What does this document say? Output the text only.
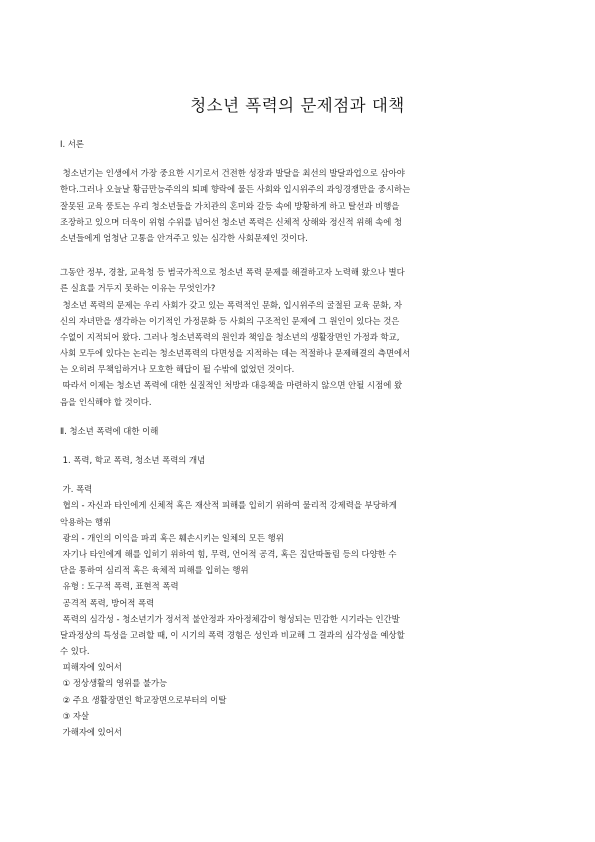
청소년 폭력의 문제점과 대책
Ⅰ. 서론
청소년기는 인생에서 가장 중요한 시기로서 건전한 성장과 발달을 최선의 발달과업으로 삼아야
한다.그러나 오늘날 황금만능주의의 퇴폐 향락에 물든 사회와 입시위주의 과잉경쟁만을 중시하는
잘못된 교육 풍토는 우리 청소년들을 가치관의 혼미와 갈등 속에 방황하게 하고 탈선과 비행을
조장하고 있으며 더욱이 위험 수위를 넘어선 청소년 폭력은 신체적 상해와 정신적 위해 속에 청
소년들에게 엄청난 고통을 안겨주고 있는 심각한 사회문제인 것이다.
그동안 정부, 경찰, 교육청 등 범국가적으로 청소년 폭력 문제를 해결하고자 노력해 왔으나 별다
른 실효를 거두지 못하는 이유는 무엇인가?
청소년 폭력의 문제는 우리 사회가 갖고 있는 폭력적인 문화, 입시위주의 굴절된 교육 문화, 자
신의 자녀만을 생각하는 이기적인 가정문화 등 사회의 구조적인 문제에 그 원인이 있다는 것은
수없이 지적되어 왔다. 그러나 청소년폭력의 원인과 책임을 청소년의 생활장면인 가정과 학교,
사회 모두에 있다는 논리는 청소년폭력의 다면성을 지적하는 데는 적절하나 문제해결의 측면에서
는 오히려 무책임하거나 모호한 해답이 될 수밖에 없었던 것이다.
따라서 이제는 청소년 폭력에 대한 실질적인 처방과 대응책을 마련하지 않으면 안될 시점에 왔
음을 인식해야 할 것이다.
Ⅱ. 청소년 폭력에 대한 이해
1. 폭력, 학교 폭력, 청소년 폭력의 개념
가. 폭력
협의 - 자신과 타인에게 신체적 혹은 재산적 피해를 입히기 위하여 물리적 강제력을 부당하게
악용하는 행위
광의 - 개인의 이익을 파괴 혹은 훼손시키는 일체의 모든 행위
자기나 타인에게 해를 입히기 위하여 힘, 무력, 언어적 공격, 혹은 집단따돌림 등의 다양한 수
단을 통하여 심리적 혹은 육체적 피해를 입히는 행위
유형 : 도구적 폭력, 표현적 폭력
공격적 폭력, 방어적 폭력
폭력의 심각성 - 청소년기가 정서적 불안정과 자아정체감이 형성되는 민감한 시기라는 인간발
달과정상의 특성을 고려할 때, 이 시기의 폭력 경험은 성인과 비교해 그 결과의 심각성을 예상할
수 있다.
피해자에 있어서
① 정상생활의 영위를 불가능
② 주요 생활장면인 학교장면으로부터의 이탈
③ 자살
가해자에 있어서
